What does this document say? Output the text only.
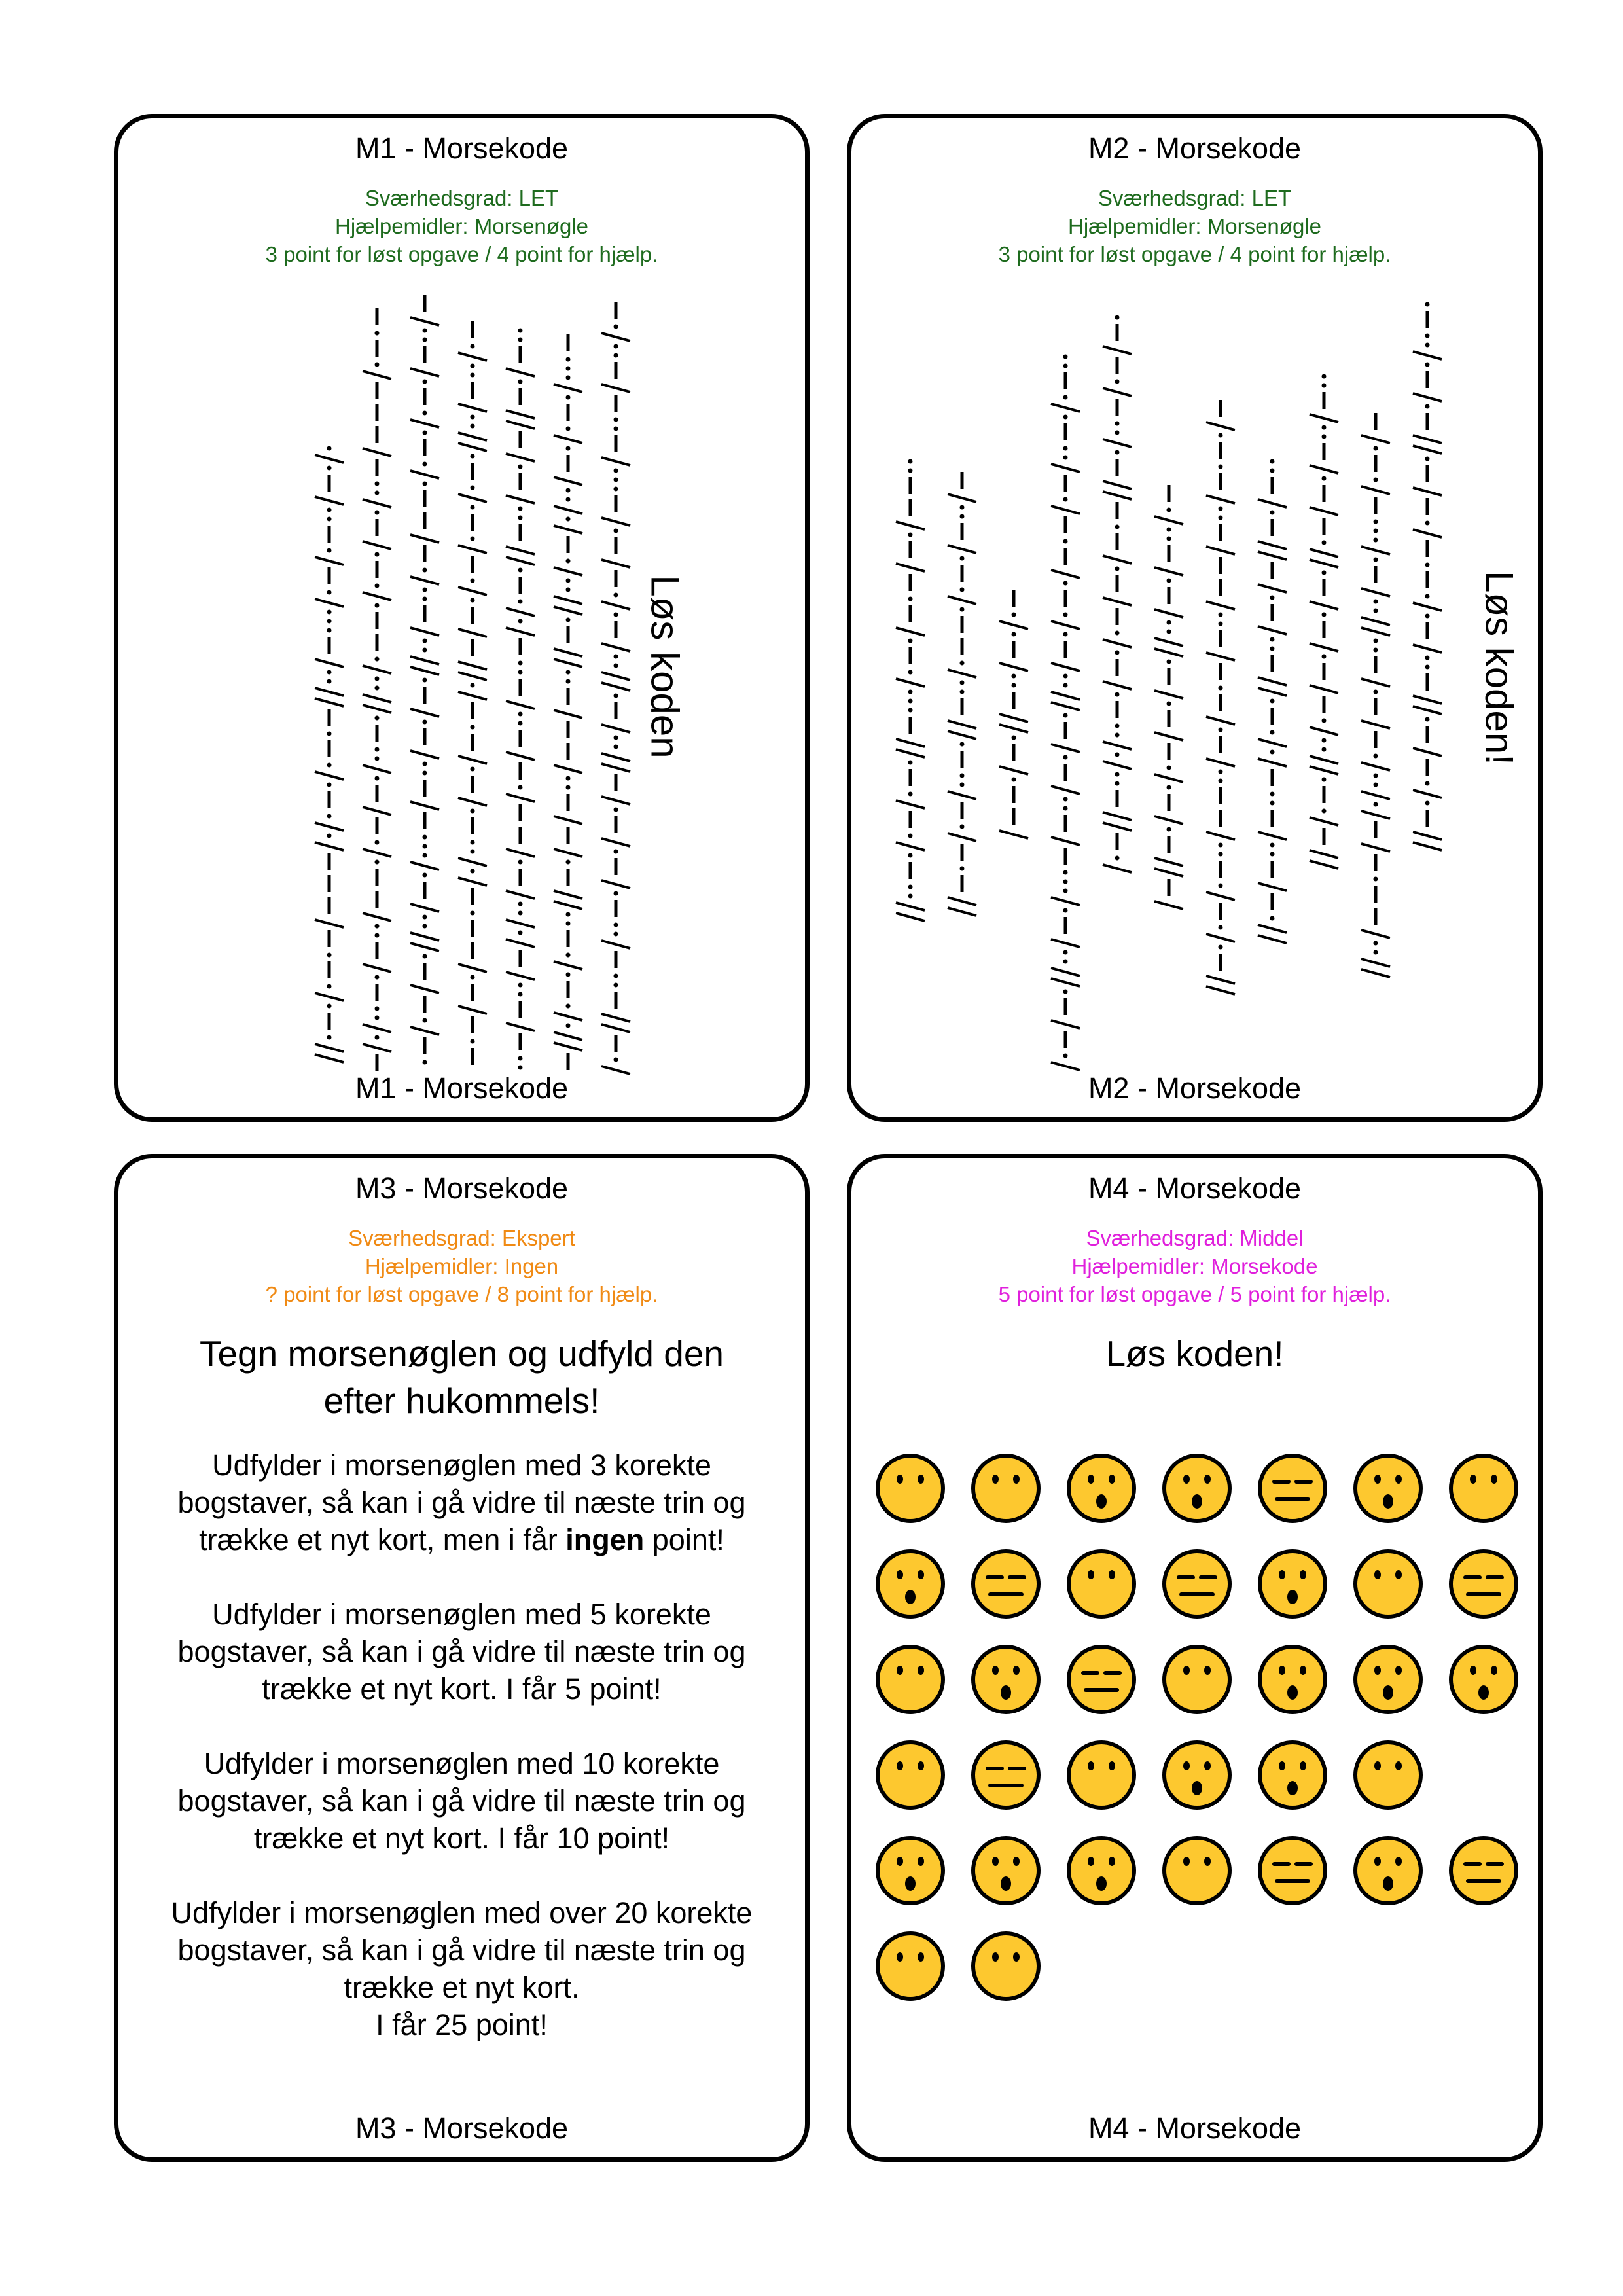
M1 - Morsekode
Sværhedsgrad: LET
Hjælpemidler: Morsenøgle
3 point for løst opgave / 4 point for hjælp.
Løs koden
M1 - Morsekode
M2 - Morsekode
Sværhedsgrad: LET
Hjælpemidler: Morsenøgle
3 point for løst opgave / 4 point for hjælp.
Løs koden!
M2 - Morsekode
M3 - Morsekode
Sværhedsgrad: Ekspert
Hjælpemidler: Ingen
? point for løst opgave / 8 point for hjælp.
Tegn morsenøglen og udfyld den
efter hukommels!

Udfylder i morsenøglen med 3 korekte
bogstaver, så kan i gå vidre til næste trin og
trække et nyt kort, men i får ingen point!

Udfylder i morsenøglen med 5 korekte
bogstaver, så kan i gå vidre til næste trin og
trække et nyt kort. I får 5 point!

Udfylder i morsenøglen med 10 korekte
bogstaver, så kan i gå vidre til næste trin og
trække et nyt kort. I får 10 point!

Udfylder i morsenøglen med over 20 korekte
bogstaver, så kan i gå vidre til næste trin og
trække et nyt kort.
I får 25 point!

M3 - Morsekode
M4 - Morsekode
Sværhedsgrad: Middel
Hjælpemidler: Morsekode
5 point for løst opgave / 5 point for hjælp.
Løs koden!
M4 - Morsekode
